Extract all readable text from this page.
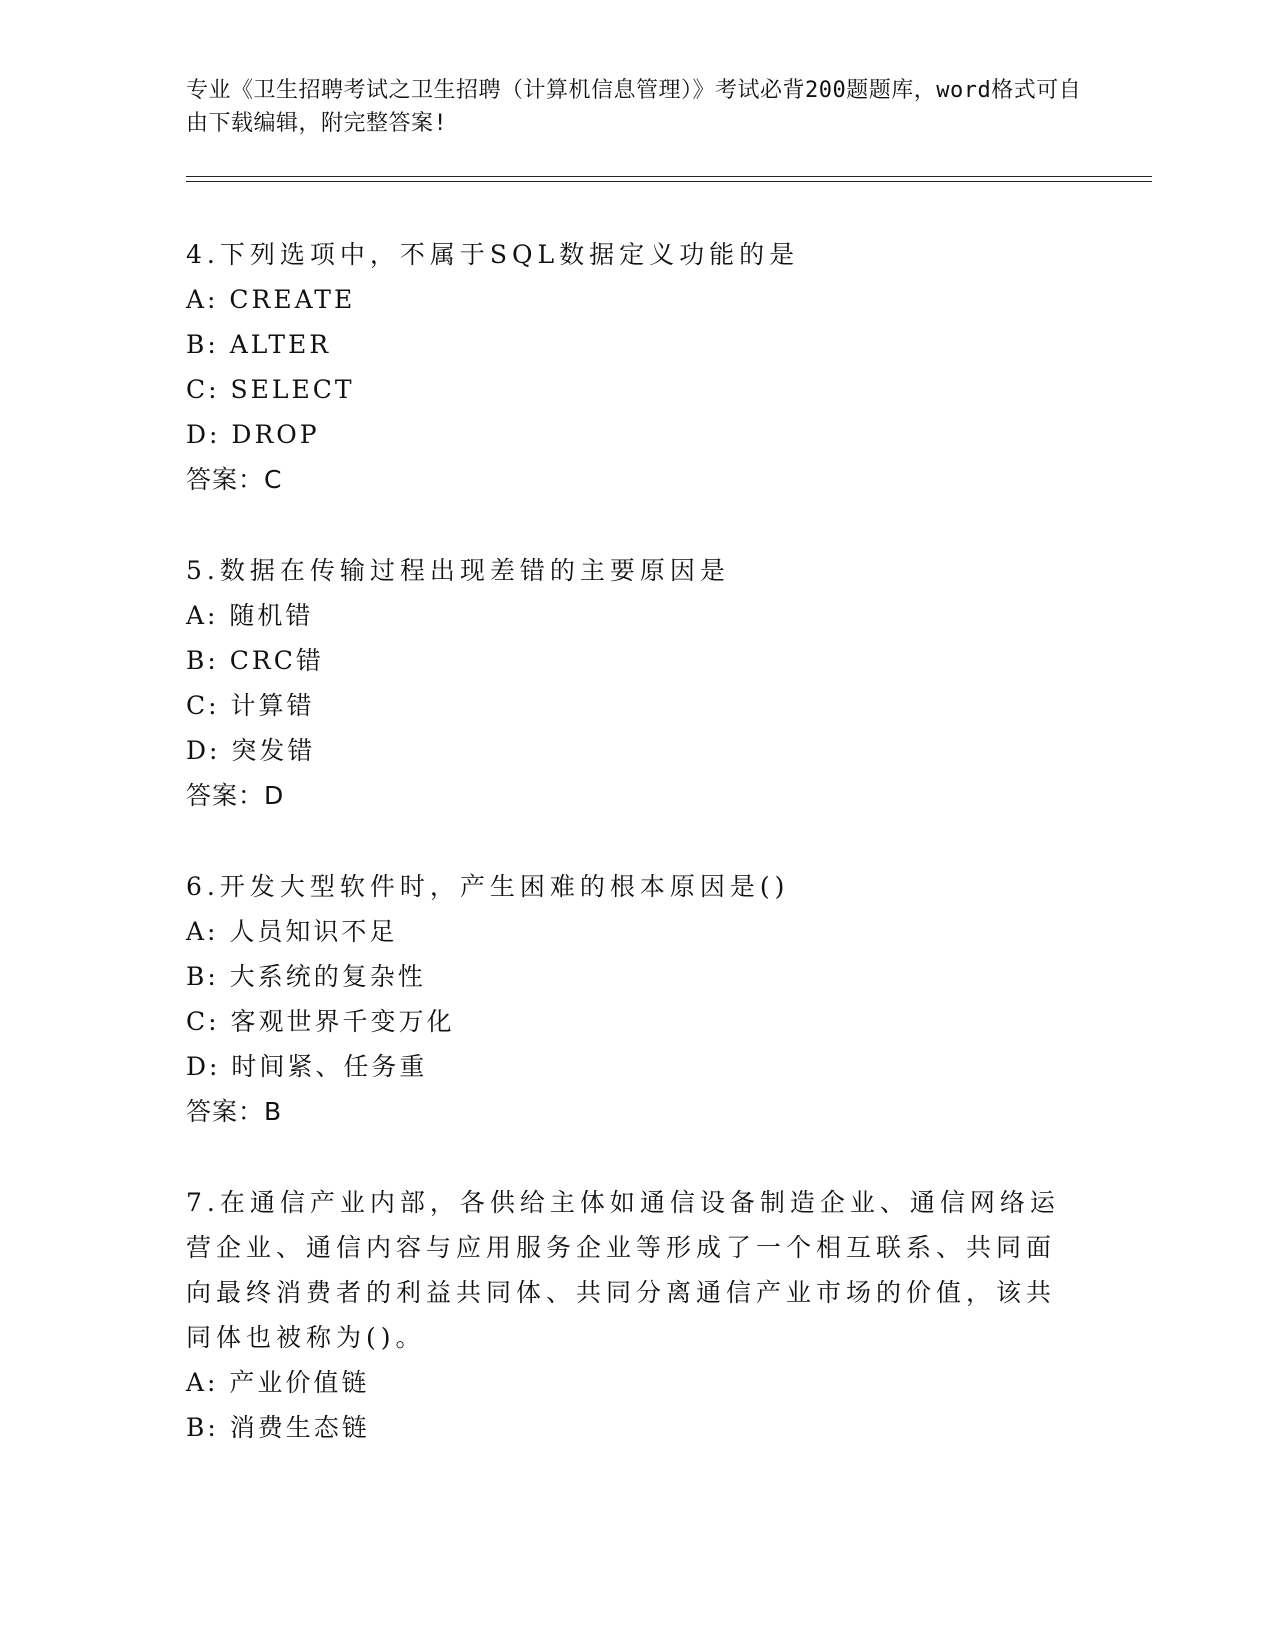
专业《卫生招聘考试之卫生招聘（计算机信息管理）》考试必背200题题库，word格式可自由下载编辑，附完整答案!

4.下列选项中，不属于SQL数据定义功能的是

A: CREATE

B: ALTER

C: SELECT

D: DROP

答案：C

5.数据在传输过程出现差错的主要原因是

A: 随机错

B: CRC错

C: 计算错

D: 突发错

答案：D

6.开发大型软件时，产生困难的根本原因是()

A: 人员知识不足

B: 大系统的复杂性

C: 客观世界千变万化

D: 时间紧、任务重

答案：B

7.在通信产业内部，各供给主体如通信设备制造企业、通信网络运营企业、通信内容与应用服务企业等形成了一个相互联系、共同面向最终消费者的利益共同体、共同分离通信产业市场的价值，该共同体也被称为()。

A: 产业价值链

B: 消费生态链
